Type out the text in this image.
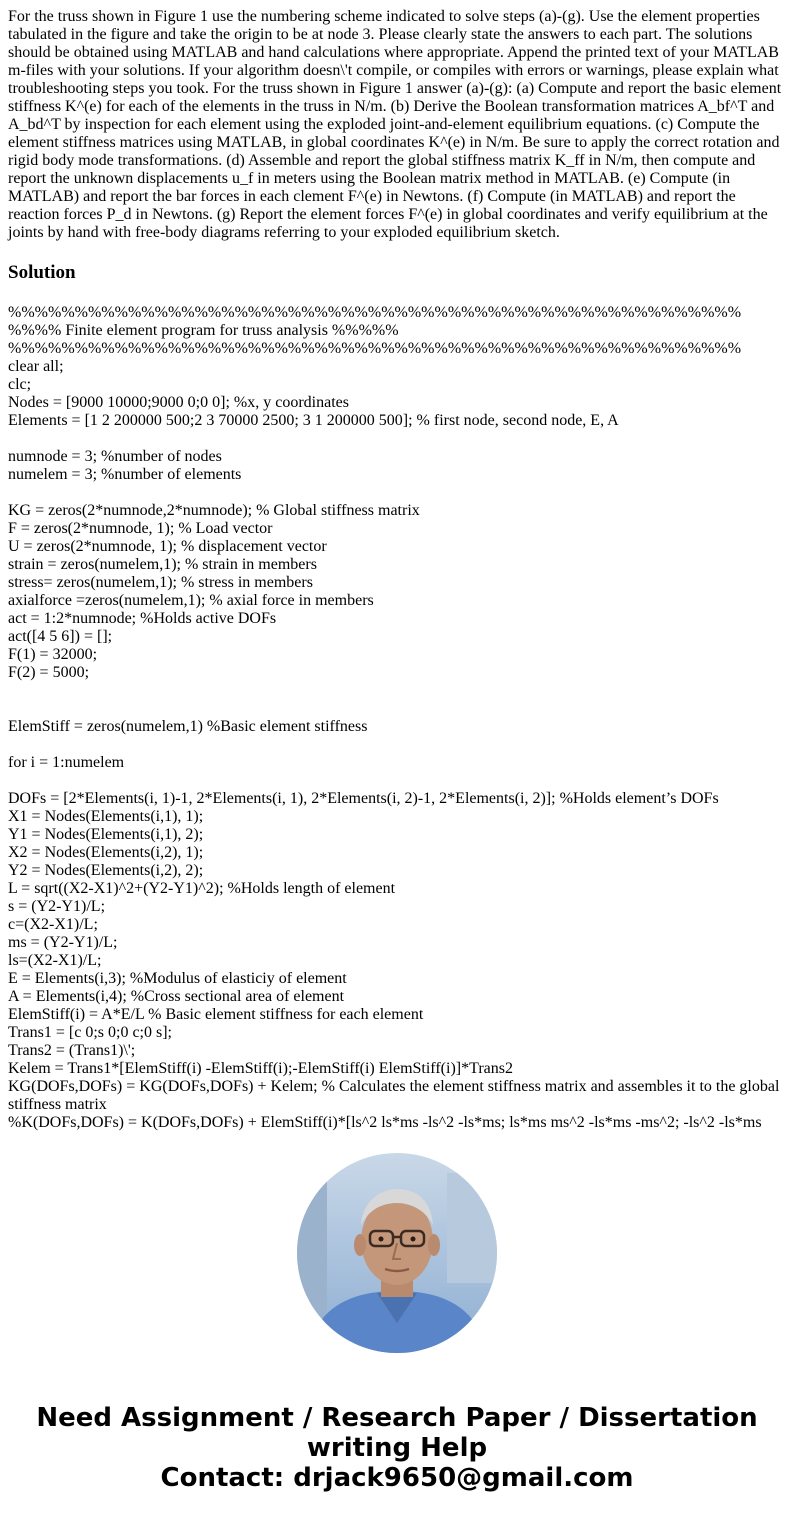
For the truss shown in Figure 1 use the numbering scheme indicated to solve steps (a)-(g). Use the element properties tabulated in the figure and take the origin to be at node 3. Please clearly state the answers to each part. The solutions should be obtained using MATLAB and hand calculations where appropriate. Append the printed text of your MATLAB m-files with your solutions. If your algorithm doesn\'t compile, or compiles with errors or warnings, please explain what troubleshooting steps you took. For the truss shown in Figure 1 answer (a)-(g): (a) Compute and report the basic element stiffness K^(e) for each of the elements in the truss in N/m. (b) Derive the Boolean transformation matrices A_bf^T and A_bd^T by inspection for each element using the exploded joint-and-element equilibrium equations. (c) Compute the element stiffness matrices using MATLAB, in global coordinates K^(e) in N/m. Be sure to apply the correct rotation and rigid body mode transformations. (d) Assemble and report the global stiffness matrix K_ff in N/m, then compute and report the unknown displacements u_f in meters using the Boolean matrix method in MATLAB. (e) Compute (in MATLAB) and report the bar forces in each clement F^(e) in Newtons. (f) Compute (in MATLAB) and report the reaction forces P_d in Newtons. (g) Report the element forces F^(e) in global coordinates and verify equilibrium at the joints by hand with free-body diagrams referring to your exploded equilibrium sketch.

Solution
%%%%%%%%%%%%%%%%%%%%%%%%%%%%%%%%%%%%%%%%%%%%%%%%%%%%%%%
%%%% Finite element program for truss analysis %%%%%
%%%%%%%%%%%%%%%%%%%%%%%%%%%%%%%%%%%%%%%%%%%%%%%%%%%%%%%
clear all;
clc;
Nodes = [9000 10000;9000 0;0 0]; %x, y coordinates
Elements = [1 2 200000 500;2 3 70000 2500; 3 1 200000 500]; % first node, second node, E, A
numnode = 3; %number of nodes
numelem = 3; %number of elements
KG = zeros(2*numnode,2*numnode); % Global stiffness matrix
F = zeros(2*numnode, 1); % Load vector
U = zeros(2*numnode, 1); % displacement vector
strain = zeros(numelem,1); % strain in members
stress= zeros(numelem,1); % stress in members
axialforce =zeros(numelem,1); % axial force in members
act = 1:2*numnode; %Holds active DOFs
act([4 5 6]) = [];
F(1) = 32000;
F(2) = 5000;
ElemStiff = zeros(numelem,1) %Basic element stiffness
for i = 1:numelem
DOFs = [2*Elements(i, 1)-1, 2*Elements(i, 1), 2*Elements(i, 2)-1, 2*Elements(i, 2)]; %Holds element’s DOFs
X1 = Nodes(Elements(i,1), 1);
Y1 = Nodes(Elements(i,1), 2);
X2 = Nodes(Elements(i,2), 1);
Y2 = Nodes(Elements(i,2), 2);
L = sqrt((X2-X1)^2+(Y2-Y1)^2); %Holds length of element
s = (Y2-Y1)/L;
c=(X2-X1)/L;
ms = (Y2-Y1)/L;
ls=(X2-X1)/L;
E = Elements(i,3); %Modulus of elasticiy of element
A = Elements(i,4); %Cross sectional area of element
ElemStiff(i) = A*E/L % Basic element stiffness for each element
Trans1 = [c 0;s 0;0 c;0 s];
Trans2 = (Trans1)\';
Kelem = Trans1*[ElemStiff(i) -ElemStiff(i);-ElemStiff(i) ElemStiff(i)]*Trans2
KG(DOFs,DOFs) = KG(DOFs,DOFs) + Kelem; % Calculates the element stiffness matrix and assembles it to the global stiffness matrix
%K(DOFs,DOFs) = K(DOFs,DOFs) + ElemStiff(i)*[ls^2 ls*ms -ls^2 -ls*ms; ls*ms ms^2 -ls*ms -ms^2; -ls^2 -ls*ms
Need Assignment / Research Paper / Dissertation writing Help
Contact: drjack9650@gmail.com
